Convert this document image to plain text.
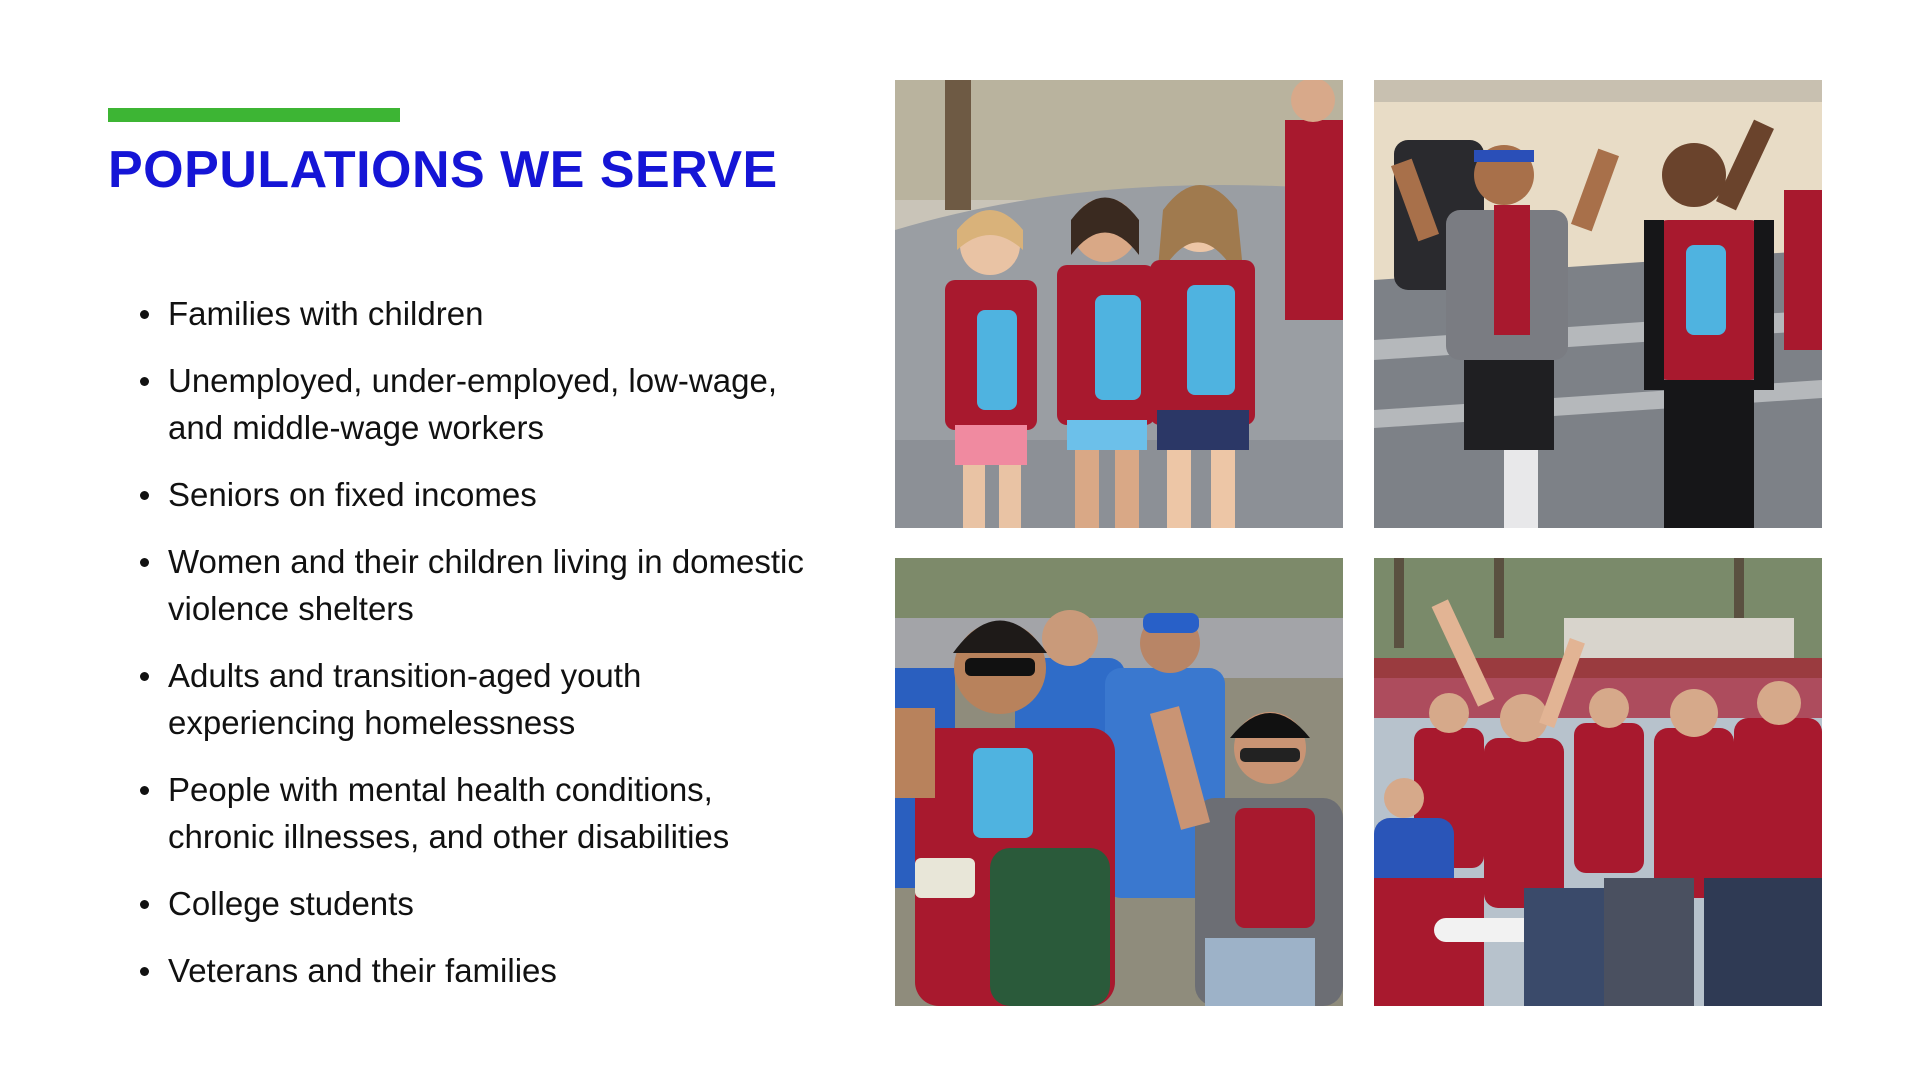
POPULATIONS WE SERVE
Families with children
Unemployed, under-employed, low-wage, and middle-wage workers
Seniors on fixed incomes
Women and their children living in domestic violence shelters
Adults and transition-aged youth experiencing homelessness
People with mental health conditions, chronic illnesses, and other disabilities
College students
Veterans and their families
